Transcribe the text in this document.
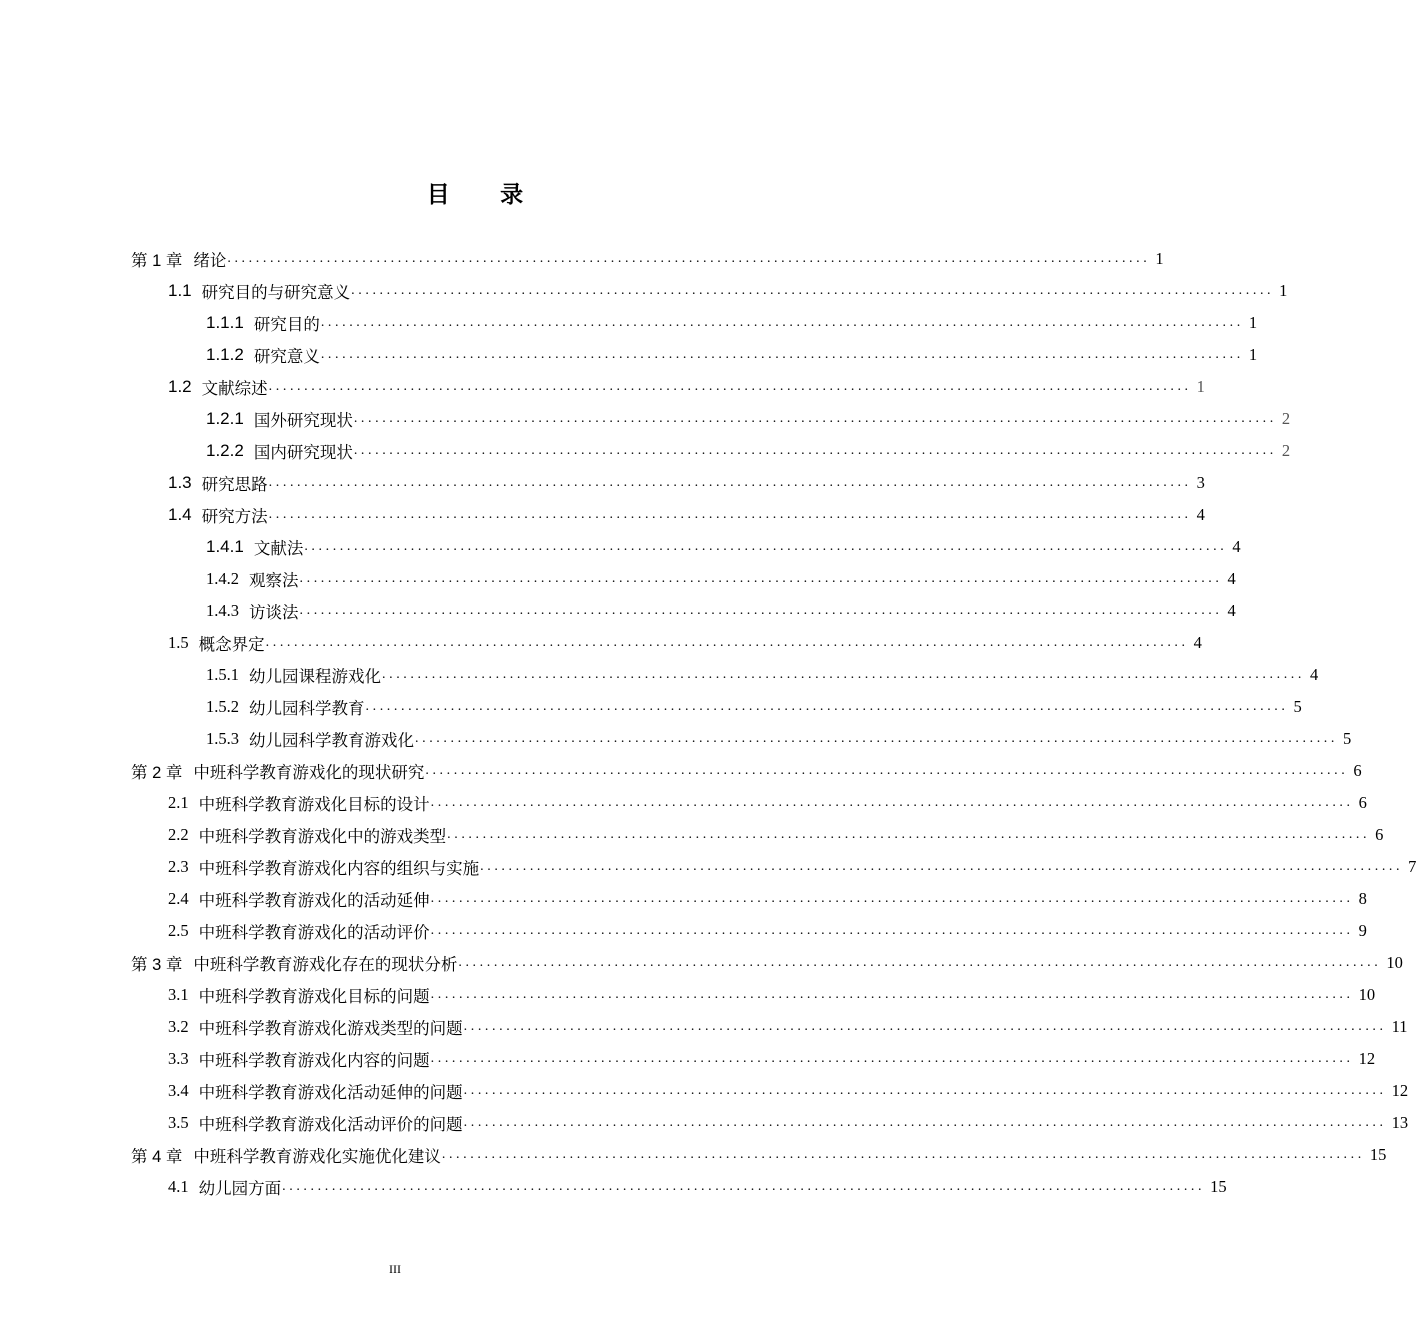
目 录
第 1 章 绪论 .................................................................................................................................. 1
1.1 研究目的与研究意义 .................................................................................................................................. 1
1.1.1 研究目的 .................................................................................................................................. 1
1.1.2 研究意义 .................................................................................................................................. 1
1.2 文献综述 .................................................................................................................................. 1
1.2.1 国外研究现状 .................................................................................................................................. 2
1.2.2 国内研究现状 .................................................................................................................................. 2
1.3 研究思路 .................................................................................................................................. 3
1.4 研究方法 .................................................................................................................................. 4
1.4.1 文献法 .................................................................................................................................. 4
1.4.2 观察法 .................................................................................................................................. 4
1.4.3 访谈法 .................................................................................................................................. 4
1.5 概念界定 .................................................................................................................................. 4
1.5.1 幼儿园课程游戏化 .................................................................................................................................. 4
1.5.2 幼儿园科学教育 .................................................................................................................................. 5
1.5.3 幼儿园科学教育游戏化 .................................................................................................................................. 5
第 2 章 中班科学教育游戏化的现状研究 .................................................................................................................................. 6
2.1 中班科学教育游戏化目标的设计 .................................................................................................................................. 6
2.2 中班科学教育游戏化中的游戏类型 .................................................................................................................................. 6
2.3 中班科学教育游戏化内容的组织与实施 .................................................................................................................................. 7
2.4 中班科学教育游戏化的活动延伸 .................................................................................................................................. 8
2.5 中班科学教育游戏化的活动评价 .................................................................................................................................. 9
第 3 章 中班科学教育游戏化存在的现状分析 .................................................................................................................................. 10
3.1 中班科学教育游戏化目标的问题 .................................................................................................................................. 10
3.2 中班科学教育游戏化游戏类型的问题 .................................................................................................................................. 11
3.3 中班科学教育游戏化内容的问题 .................................................................................................................................. 12
3.4 中班科学教育游戏化活动延伸的问题 .................................................................................................................................. 12
3.5 中班科学教育游戏化活动评价的问题 .................................................................................................................................. 13
第 4 章 中班科学教育游戏化实施优化建议 .................................................................................................................................. 15
4.1 幼儿园方面 .................................................................................................................................. 15
III
